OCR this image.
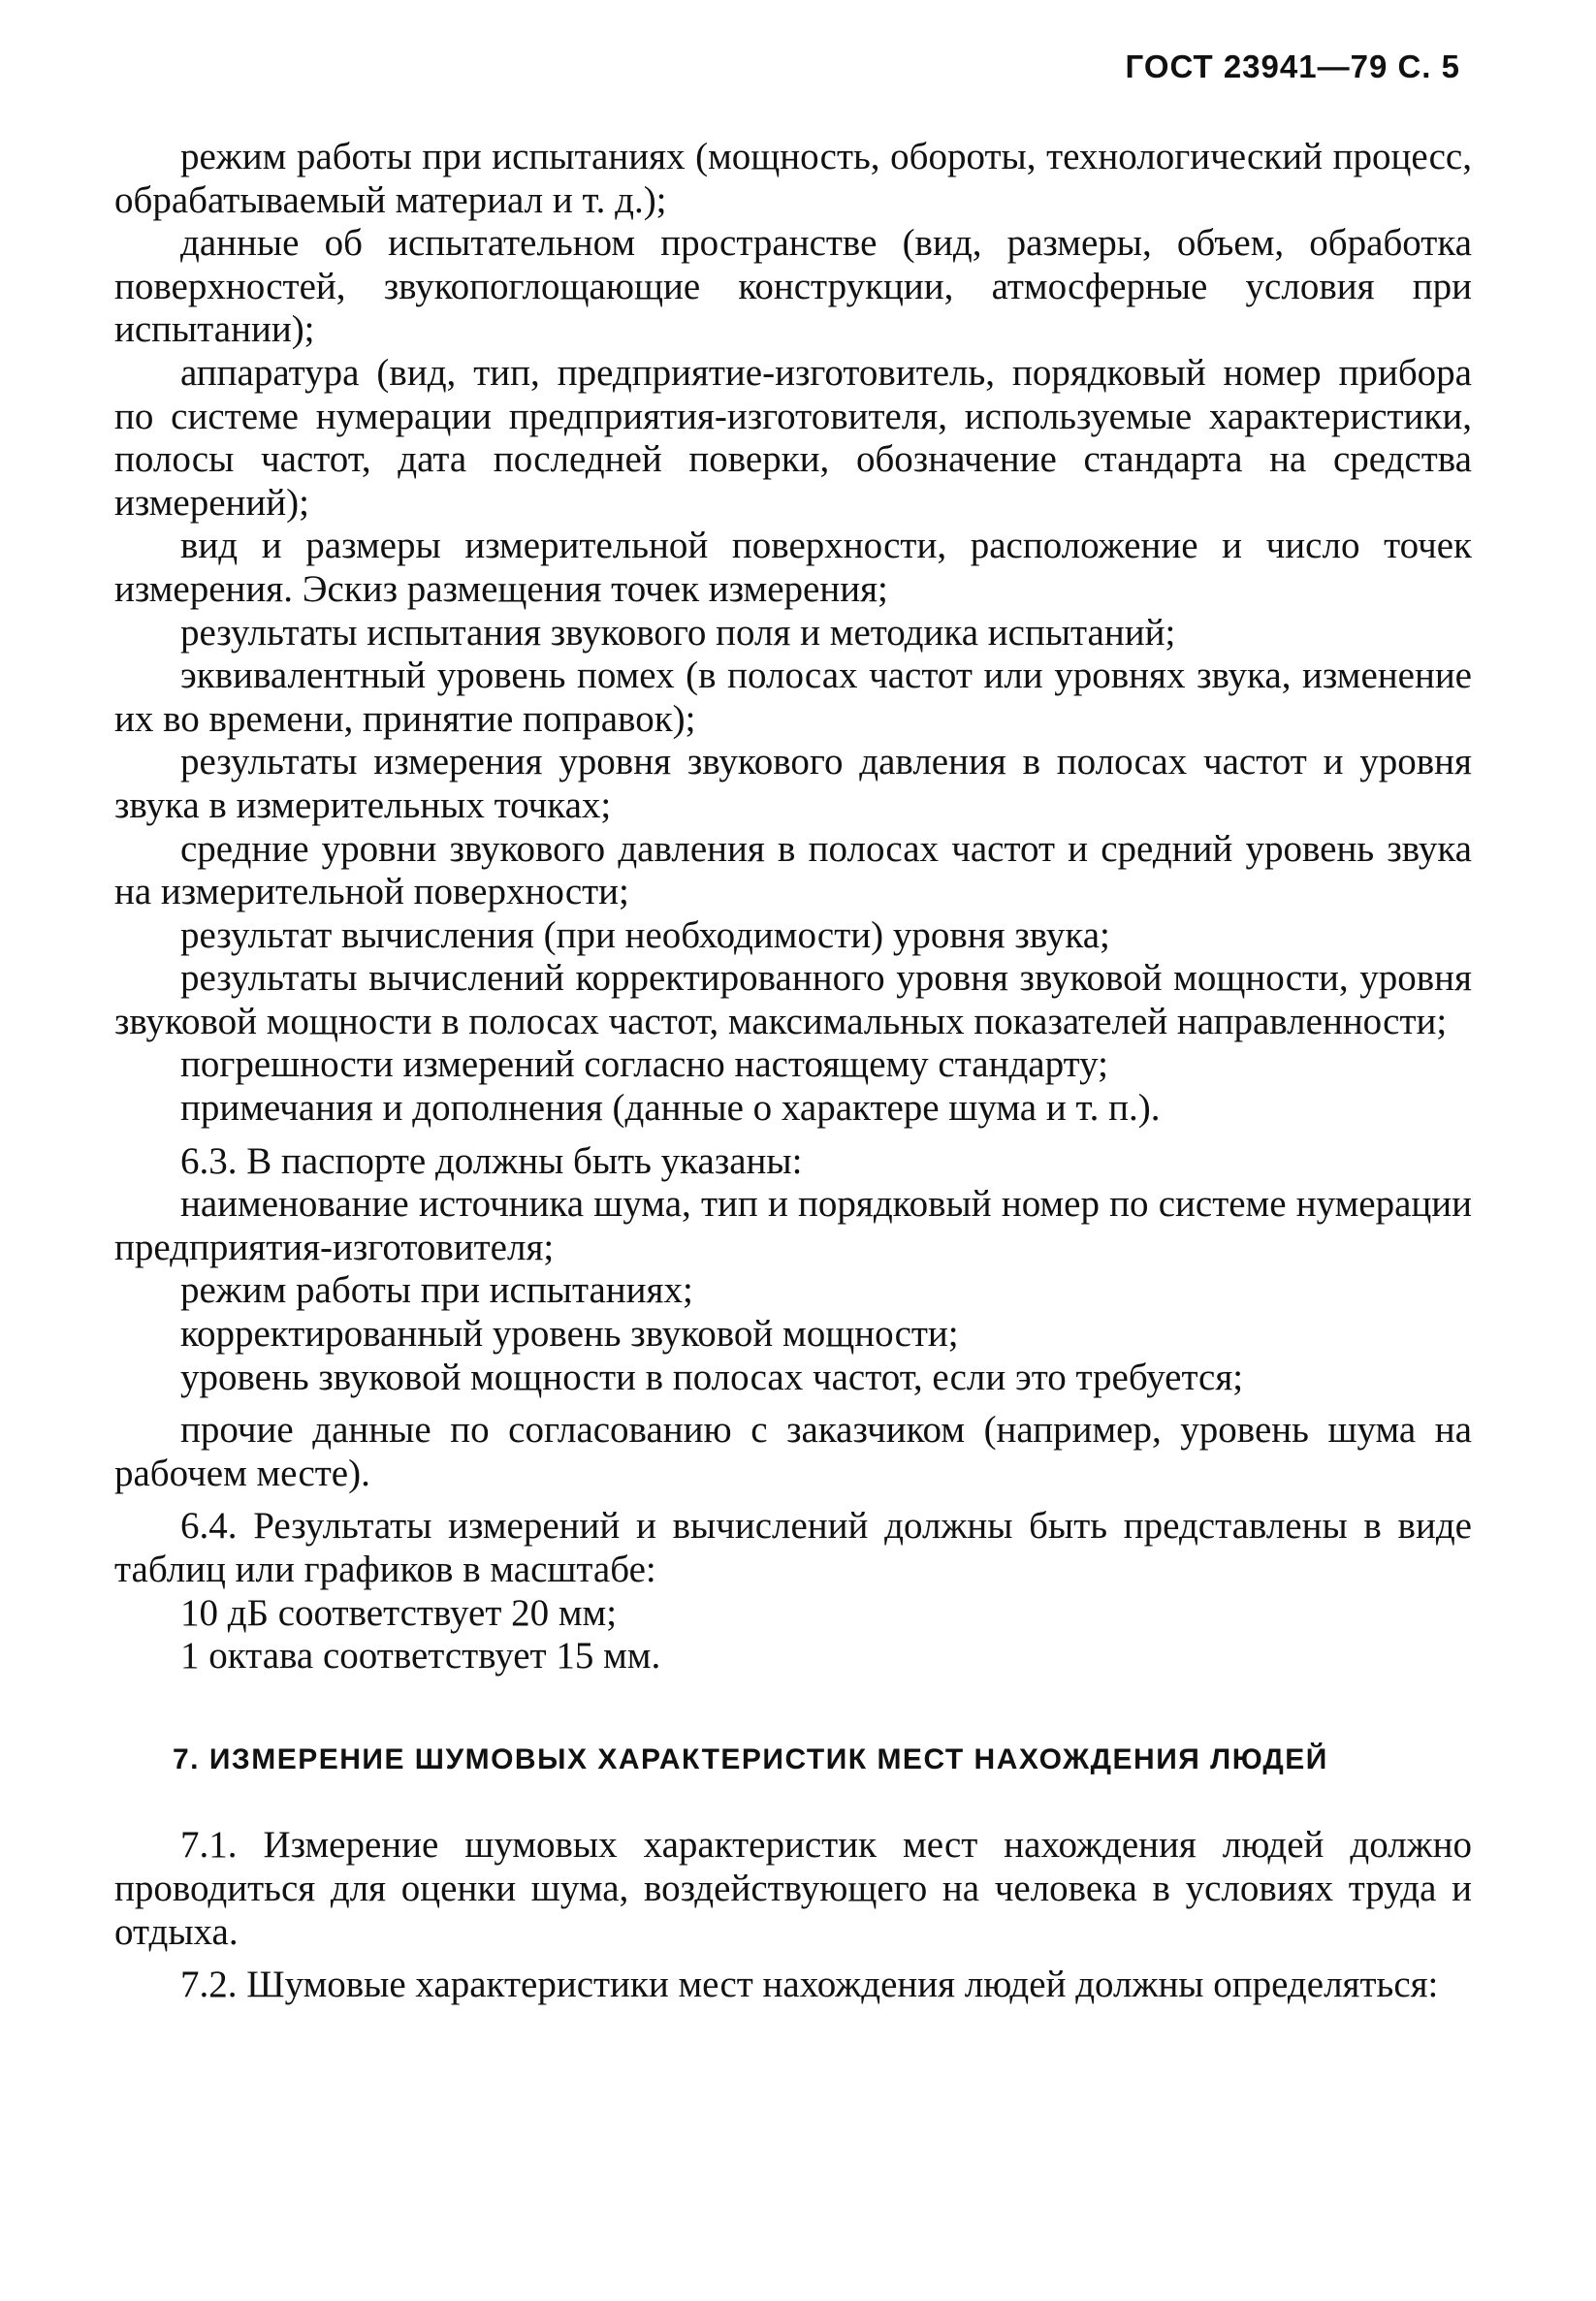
ГОСТ 23941—79 С. 5

режим работы при испытаниях (мощность, обороты, технологический процесс, обрабатываемый материал и т. д.);

данные об испытательном пространстве (вид, размеры, объем, обработка поверхностей, звукопоглощающие конструкции, атмосферные условия при испытании);

аппаратура (вид, тип, предприятие-изготовитель, порядковый номер прибора по системе нумерации предприятия-изготовителя, используемые характеристики, полосы частот, дата последней поверки, обозначение стандарта на средства измерений);

вид и размеры измерительной поверхности, расположение и число точек измерения. Эскиз размещения точек измерения;

результаты испытания звукового поля и методика испытаний;

эквивалентный уровень помех (в полосах частот или уровнях звука, изменение их во времени, принятие поправок);

результаты измерения уровня звукового давления в полосах частот и уровня звука в измерительных точках;

средние уровни звукового давления в полосах частот и средний уровень звука на измерительной поверхности;

результат вычисления (при необходимости) уровня звука;

результаты вычислений корректированного уровня звуковой мощности, уровня звуковой мощности в полосах частот, максимальных показателей направленности;

погрешности измерений согласно настоящему стандарту;

примечания и дополнения (данные о характере шума и т. п.).

6.3. В паспорте должны быть указаны:

наименование источника шума, тип и порядковый номер по системе нумерации предприятия-изготовителя;

режим работы при испытаниях;

корректированный уровень звуковой мощности;

уровень звуковой мощности в полосах частот, если это требуется;

прочие данные по согласованию с заказчиком (например, уровень шума на рабочем месте).

6.4. Результаты измерений и вычислений должны быть представлены в виде таблиц или графиков в масштабе:

10 дБ соответствует 20 мм;

1 октава соответствует 15 мм.

7. ИЗМЕРЕНИЕ ШУМОВЫХ ХАРАКТЕРИСТИК МЕСТ НАХОЖДЕНИЯ ЛЮДЕЙ

7.1. Измерение шумовых характеристик мест нахождения людей должно проводиться для оценки шума, воздействующего на человека в условиях труда и отдыха.

7.2. Шумовые характеристики мест нахождения людей должны определяться:
